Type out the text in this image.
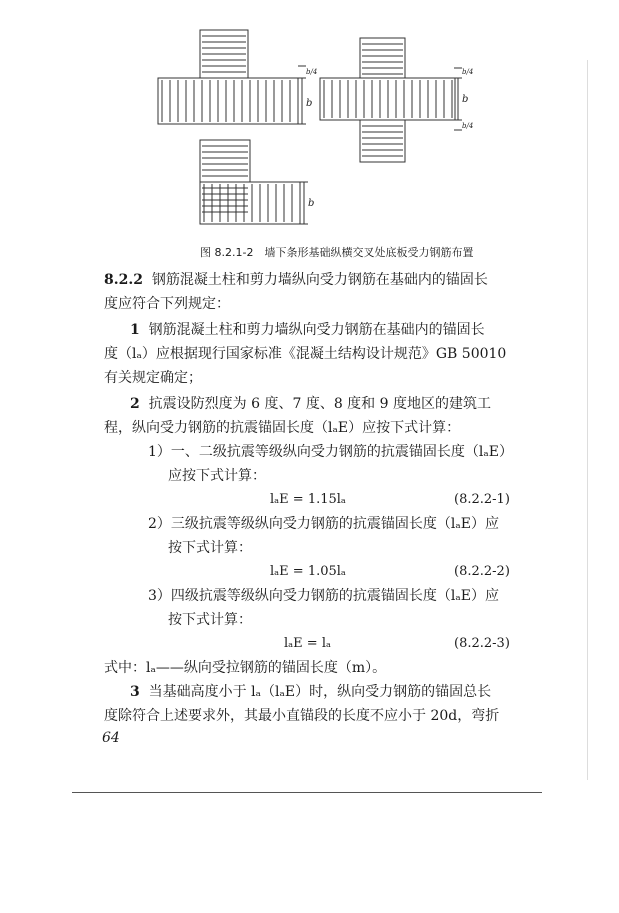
b
b/4
b
b/4
b/4
b
图 8.2.1-2　墙下条形基础纵横交叉处底板受力钢筋布置
8.2.2 钢筋混凝土柱和剪力墙纵向受力钢筋在基础内的锚固长
度应符合下列规定：
1 钢筋混凝土柱和剪力墙纵向受力钢筋在基础内的锚固长
度（lₐ）应根据现行国家标准《混凝土结构设计规范》GB 50010
有关规定确定；
2 抗震设防烈度为 6 度、7 度、8 度和 9 度地区的建筑工
程，纵向受力钢筋的抗震锚固长度（lₐE）应按下式计算：
1）一、二级抗震等级纵向受力钢筋的抗震锚固长度（lₐE）
应按下式计算：
lₐE = 1.15lₐ	(8.2.2-1)
2）三级抗震等级纵向受力钢筋的抗震锚固长度（lₐE）应
按下式计算：
lₐE = 1.05lₐ	(8.2.2-2)
3）四级抗震等级纵向受力钢筋的抗震锚固长度（lₐE）应
按下式计算：
lₐE = lₐ	(8.2.2-3)
式中：lₐ——纵向受拉钢筋的锚固长度（m）。
3 当基础高度小于 lₐ（lₐE）时，纵向受力钢筋的锚固总长
度除符合上述要求外，其最小直锚段的长度不应小于 20d，弯折
64
